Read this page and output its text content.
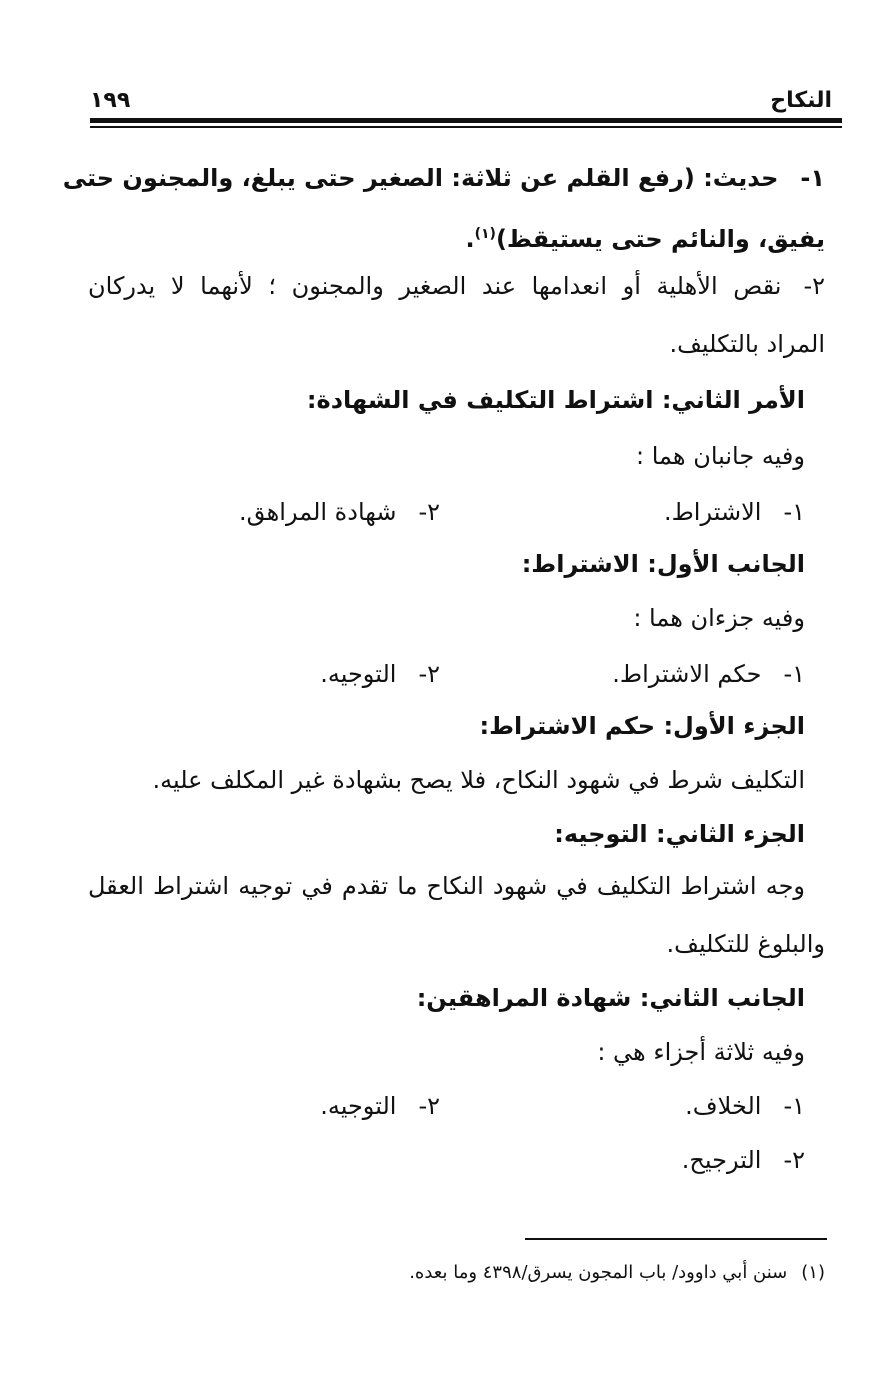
النكاح
١٩٩
١-حديث: (رفع القلم عن ثلاثة: الصغير حتى يبلغ، والمجنون حتى
يفيق، والنائم حتى يستيقظ)$^{(١)}$.
٢-نقص الأهلية أو انعدامها عند الصغير والمجنون ؛ لأنهما لا يدركان
المراد بالتكليف.
الأمر الثاني: اشتراط التكليف في الشهادة:
وفيه جانبان هما :
١-الاشتراط.
٢-شهادة المراهق.
الجانب الأول: الاشتراط:
وفيه جزءان هما :
١-حكم الاشتراط.
٢-التوجيه.
الجزء الأول: حكم الاشتراط:
التكليف شرط في شهود النكاح، فلا يصح بشهادة غير المكلف عليه.
الجزء الثاني: التوجيه:
وجه اشتراط التكليف في شهود النكاح ما تقدم في توجيه اشتراط العقل
والبلوغ للتكليف.
الجانب الثاني: شهادة المراهقين:
وفيه ثلاثة أجزاء هي :
١-الخلاف.
٢-التوجيه.
٢-الترجيح.
(١)سنن أبي داوود/ باب المجون يسرق/٤٣٩٨ وما بعده.
